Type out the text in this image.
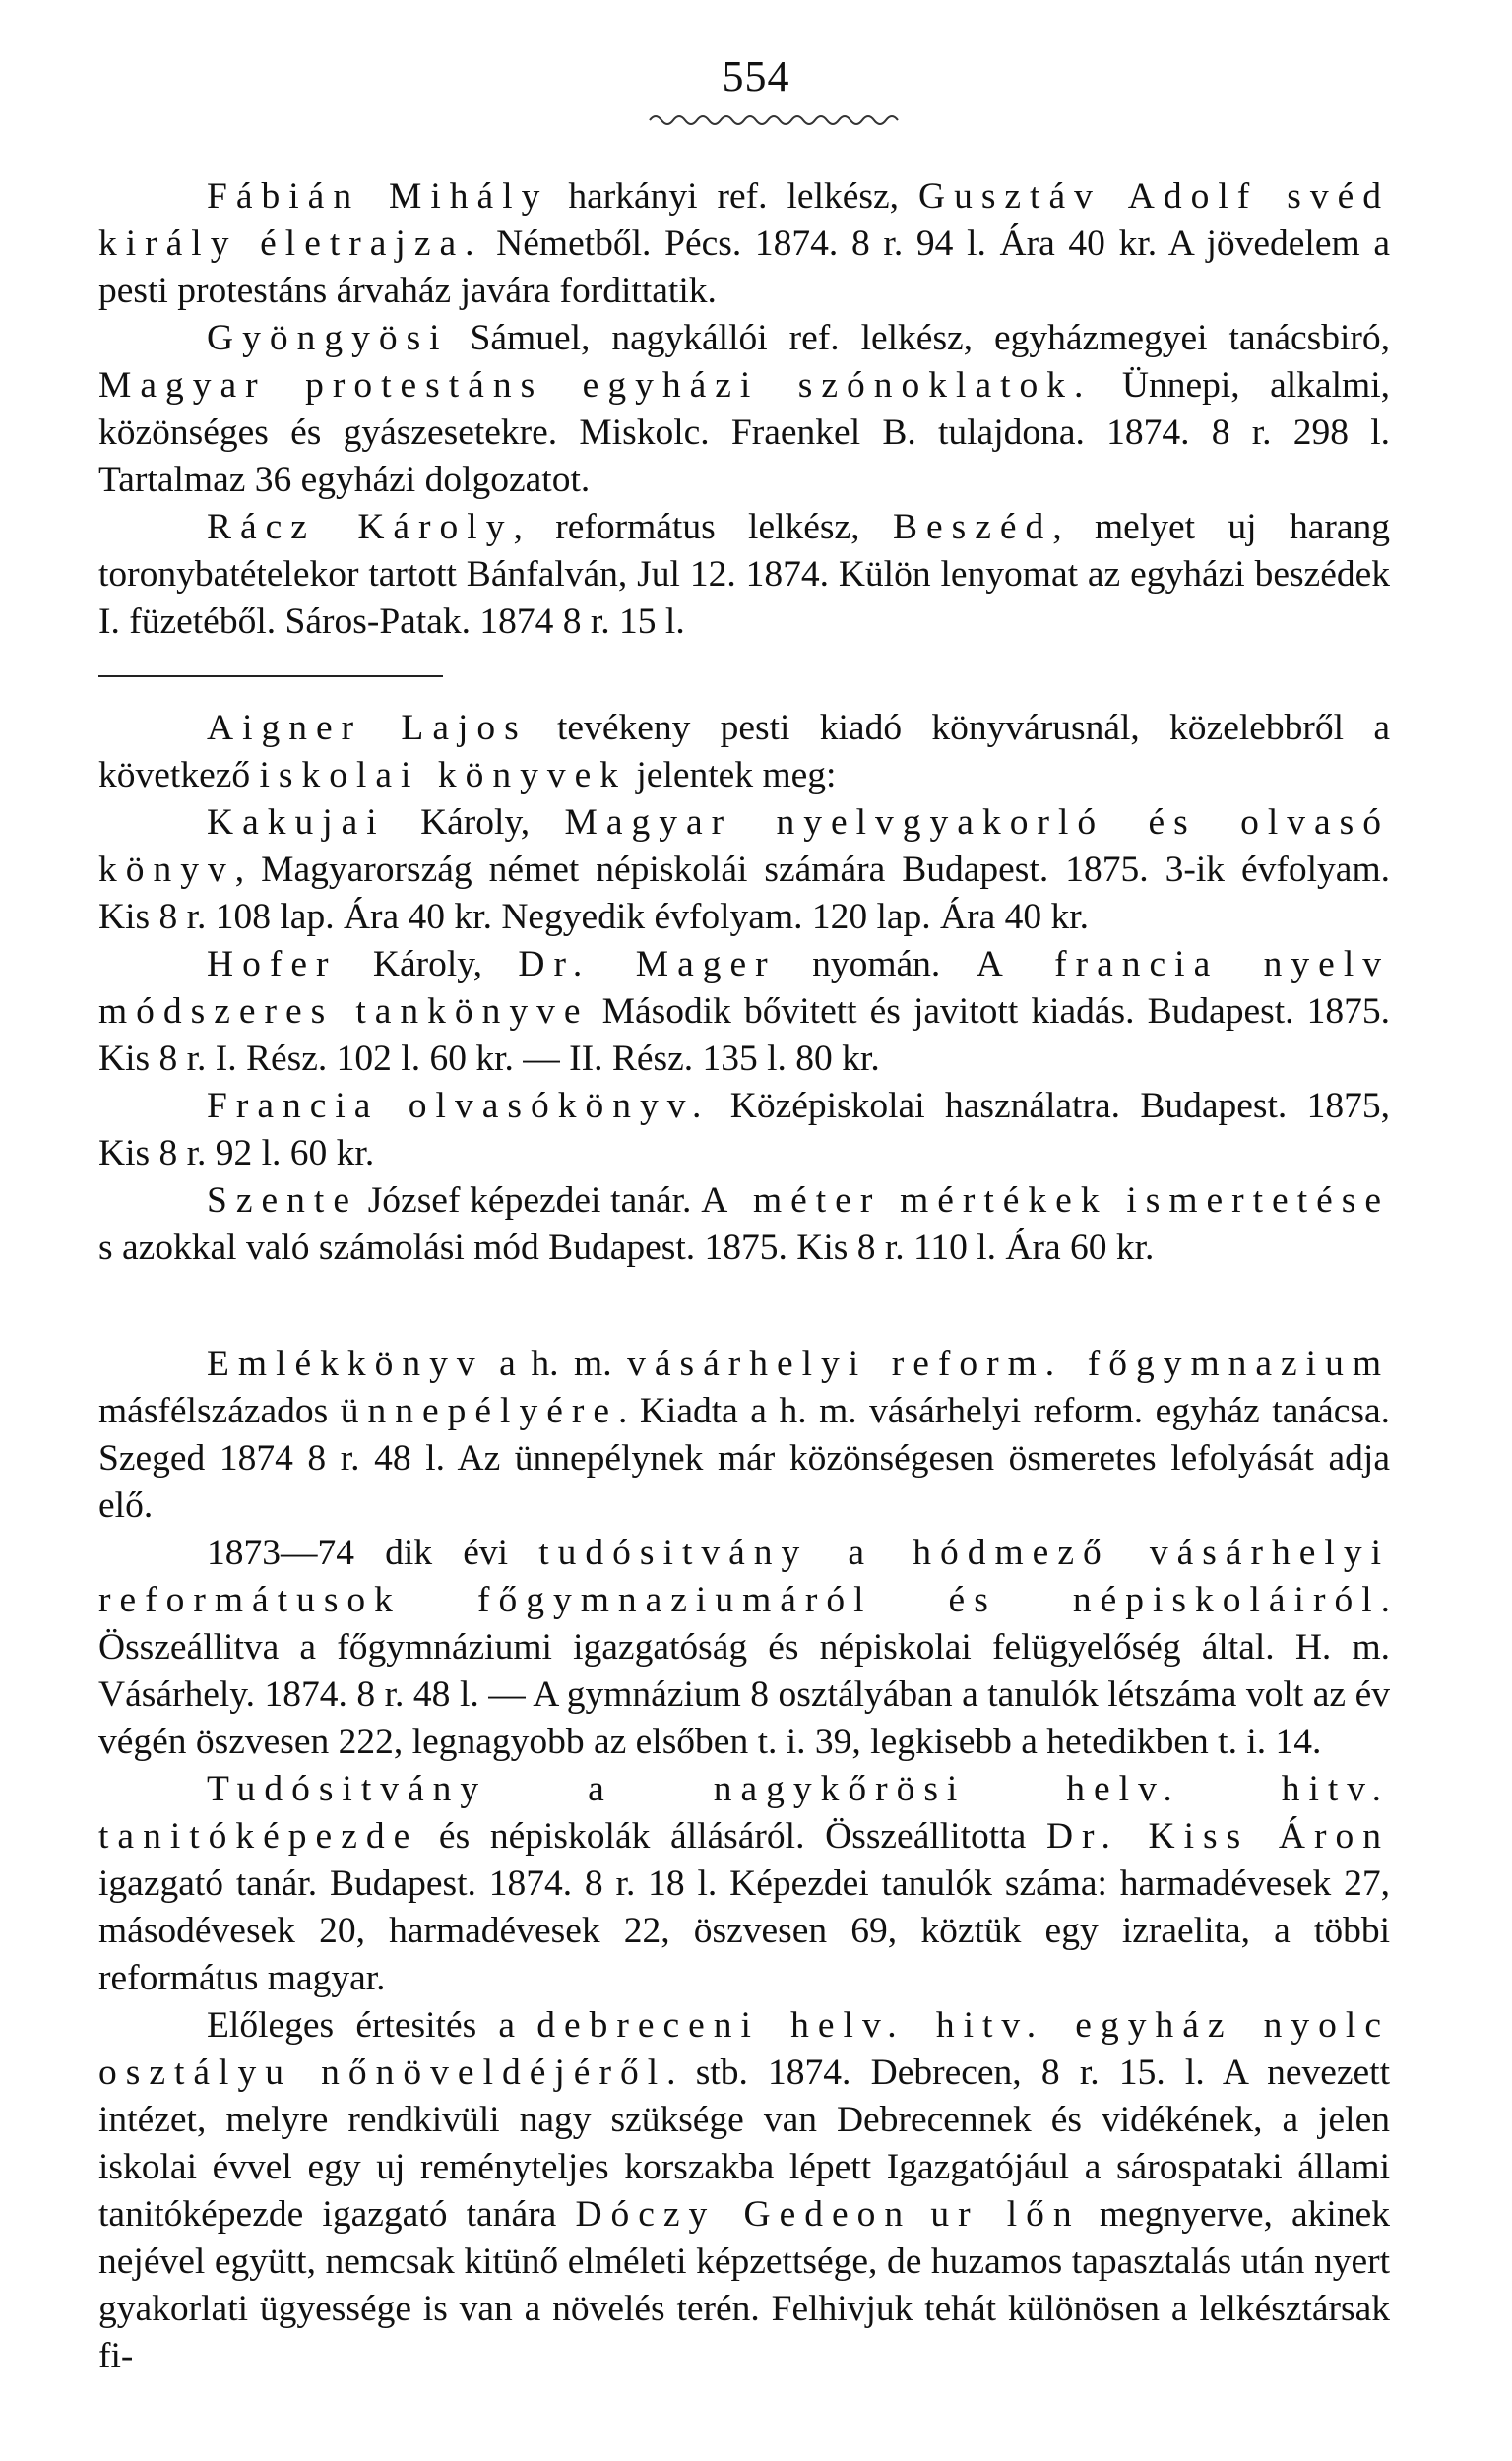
554

Fábián Mihály harkányi ref. lelkész, Gusztáv Adolf svéd király életrajza. Németből. Pécs. 1874. 8 r. 94 l. Ára 40 kr. A jövedelem a pesti protestáns árvaház javára fordittatik.

Gyöngyösi Sámuel, nagykállói ref. lelkész, egyházmegyei tanácsbiró, Magyar protestáns egyházi szónoklatok. Ünnepi, alkalmi, közönséges és gyászesetekre. Miskolc. Fraenkel B. tulajdona. 1874. 8 r. 298 l. Tartalmaz 36 egyházi dolgozatot.

Rácz Károly, református lelkész, Beszéd, melyet uj harang toronybatételekor tartott Bánfalván, Jul 12. 1874. Külön lenyomat az egyházi beszédek I. füzetéből. Sáros-Patak. 1874 8 r. 15 l.

Aigner Lajos tevékeny pesti kiadó könyvárusnál, közelebbről a következő iskolai könyvek jelentek meg:

Kakujai Károly, Magyar nyelvgyakorló és olvasó könyv, Magyarország német népiskolái számára Budapest. 1875. 3-ik évfolyam. Kis 8 r. 108 lap. Ára 40 kr. Negyedik évfolyam. 120 lap. Ára 40 kr.

Hofer Károly, Dr. Mager nyomán. A francia nyelv módszeres tankönyve Második bővitett és javitott kiadás. Budapest. 1875. Kis 8 r. I. Rész. 102 l. 60 kr. — II. Rész. 135 l. 80 kr.

Francia olvasókönyv. Középiskolai használatra. Budapest. 1875, Kis 8 r. 92 l. 60 kr.

Szente József képezdei tanár. A méter mértékek ismertetése s azokkal való számolási mód Budapest. 1875. Kis 8 r. 110 l. Ára 60 kr.

Emlékkönyv a h. m. vásárhelyi reform. főgymnazium másfélszázados ünnepélyére. Kiadta a h. m. vásárhelyi reform. egyház tanácsa. Szeged 1874 8 r. 48 l. Az ünnepélynek már közönségesen ösmeretes lefolyását adja elő.

1873—74 dik évi tudósitvány a hódmező vásárhelyi reformátusok főgymnaziumáról és népiskoláiról. Összeállitva a főgymnáziumi igazgatóság és népiskolai felügyelőség által. H. m. Vásárhely. 1874. 8 r. 48 l. — A gymnázium 8 osztályában a tanulók létszáma volt az év végén öszvesen 222, legnagyobb az elsőben t. i. 39, legkisebb a hetedikben t. i. 14.

Tudósitvány a nagykőrösi helv. hitv. tanitóképezde és népiskolák állásáról. Összeállitotta Dr. Kiss Áron igazgató tanár. Budapest. 1874. 8 r. 18 l. Képezdei tanulók száma: harmadévesek 27, másodévesek 20, harmadévesek 22, öszvesen 69, köztük egy izraelita, a többi református magyar.

Előleges értesités a debreceni helv. hitv. egyház nyolc osztályu nőnöveldéjéről. stb. 1874. Debrecen, 8 r. 15. l. A nevezett intézet, melyre rendkivüli nagy szüksége van Debrecennek és vidékének, a jelen iskolai évvel egy uj reményteljes korszakba lépett Igazgatójául a sárospataki állami tanitóképezde igazgató tanára Dóczy Gedeon ur lőn megnyerve, akinek nejével együtt, nemcsak kitünő elméleti képzettsége, de huzamos tapasztalás után nyert gyakorlati ügyessége is van a növelés terén. Felhivjuk tehát különösen a lelkésztársak fi-
